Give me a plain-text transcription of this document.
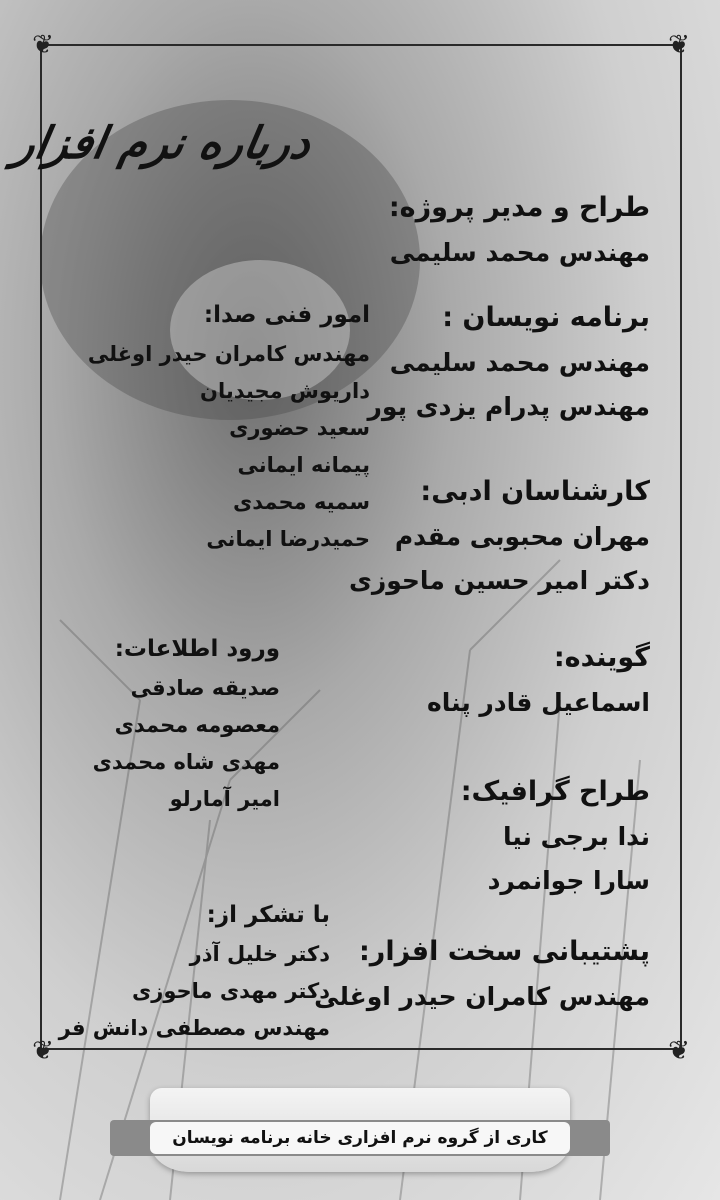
❦	❦
❦	❦
درباره نرم افزار
طراح و مدیر پروژه:
مهندس محمد سلیمی
برنامه نویسان :
مهندس محمد سلیمی
مهندس پدرام یزدی پور
کارشناسان ادبی:
مهران محبوبی مقدم
دکتر امیر حسین ماحوزی
گوینده:
اسماعیل قادر پناه
طراح گرافیک:
ندا برجی نیا
سارا جوانمرد
پشتیبانی سخت افزار:
مهندس کامران حیدر اوغلی
امور فنی صدا:
مهندس کامران حیدر اوغلی
داریوش مجیدیان
سعید حضوری
پیمانه ایمانی
سمیه محمدی
حمیدرضا ایمانی
ورود اطلاعات:
صدیقه صادقی
معصومه محمدی
مهدی شاه محمدی
امیر آمارلو
با تشکر از:
دکتر خلیل آذر
دکتر مهدی ماحوزی
مهندس مصطفی دانش فر
کاری از گروه نرم افزاری خانه برنامه نویسان
